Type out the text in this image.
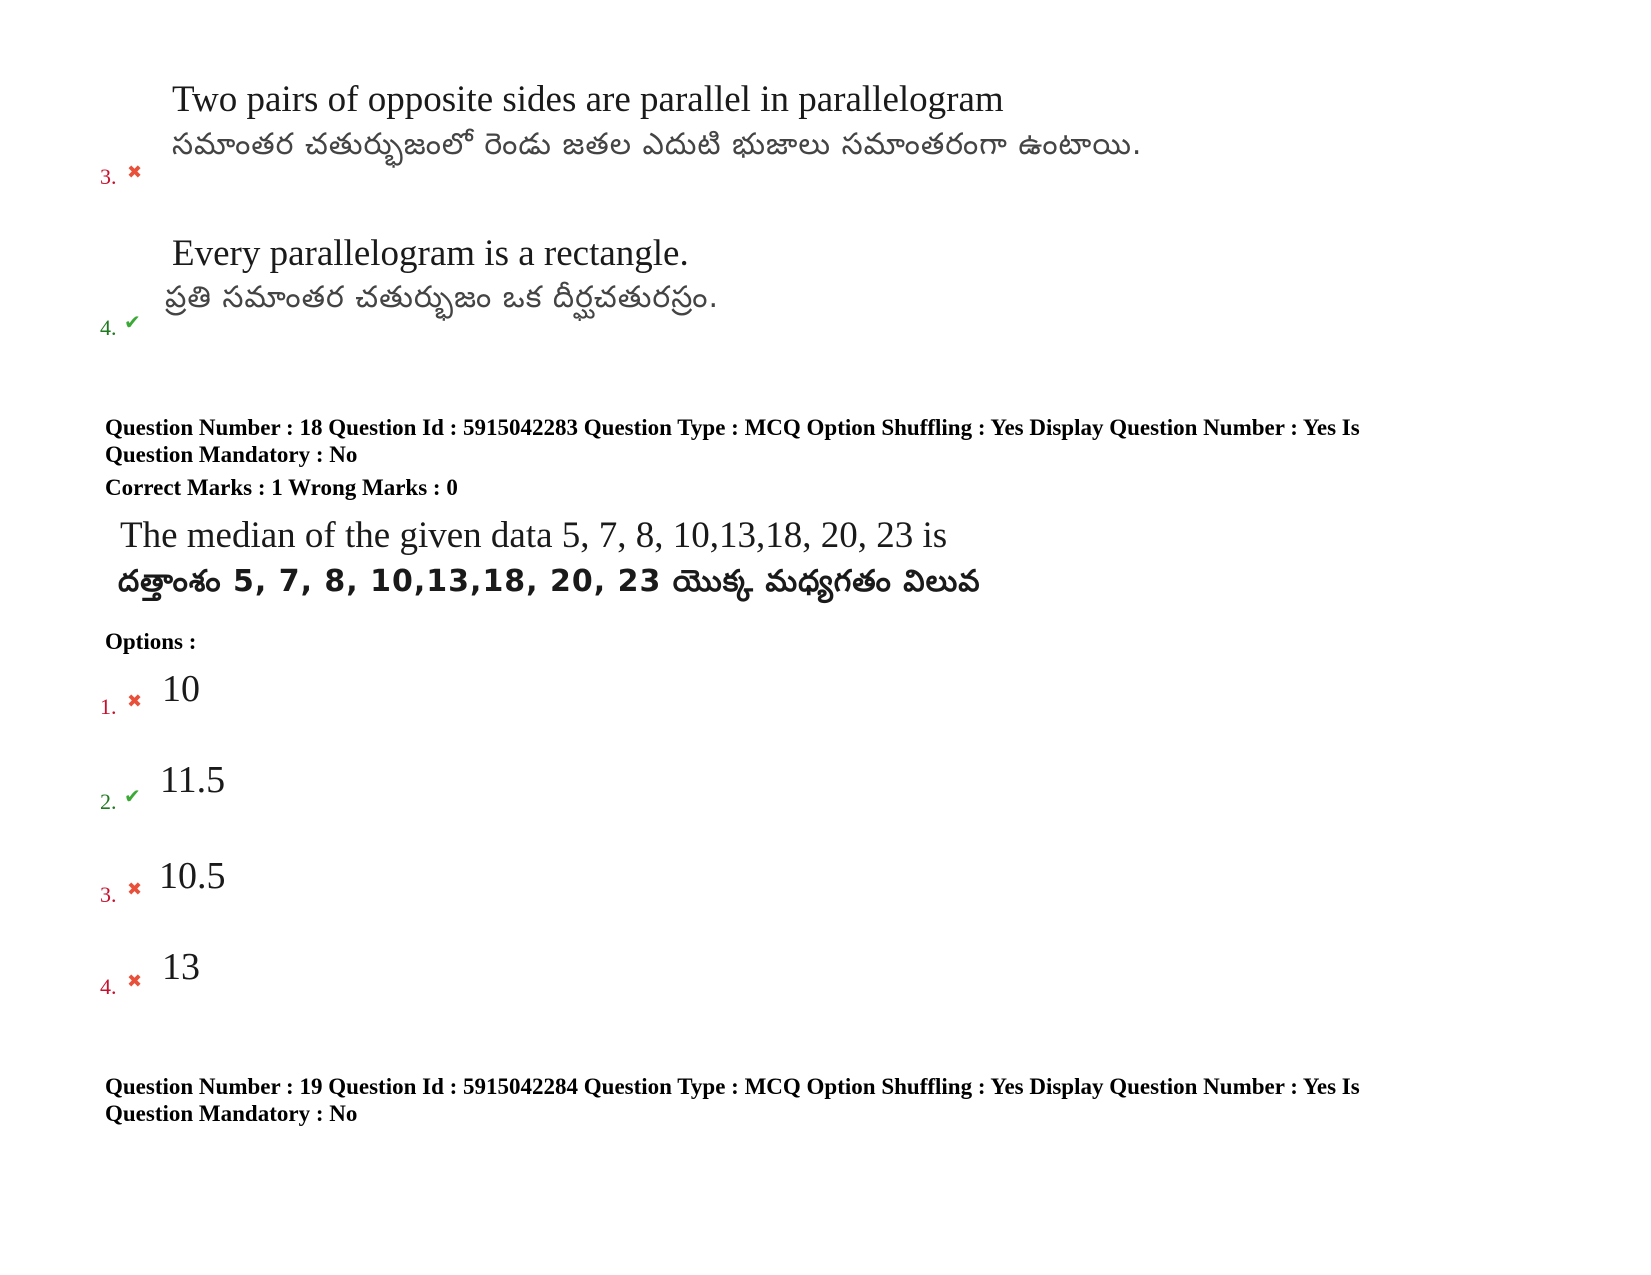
Two pairs of opposite sides are parallel in parallelogram
సమాంతర చతుర్భుజంలో రెండు జతల ఎదుటి భుజాలు సమాంతరంగా ఉంటాయి.
3. ✖
Every parallelogram is a rectangle.
ప్రతి సమాంతర చతుర్భుజం ఒక దీర్ఘచతురస్రం.
4. ✔
Question Number : 18 Question Id : 5915042283 Question Type : MCQ Option Shuffling : Yes Display Question Number : Yes Is
Question Mandatory : No
Correct Marks : 1 Wrong Marks : 0
The median of the given data 5, 7, 8, 10,13,18, 20, 23 is
దత్తాంశం 5, 7, 8, 10,13,18, 20, 23 యొక్క మధ్యగతం విలువ
Options :
1. ✖ 10
2. ✔ 11.5
3. ✖ 10.5
4. ✖ 13
Question Number : 19 Question Id : 5915042284 Question Type : MCQ Option Shuffling : Yes Display Question Number : Yes Is
Question Mandatory : No
